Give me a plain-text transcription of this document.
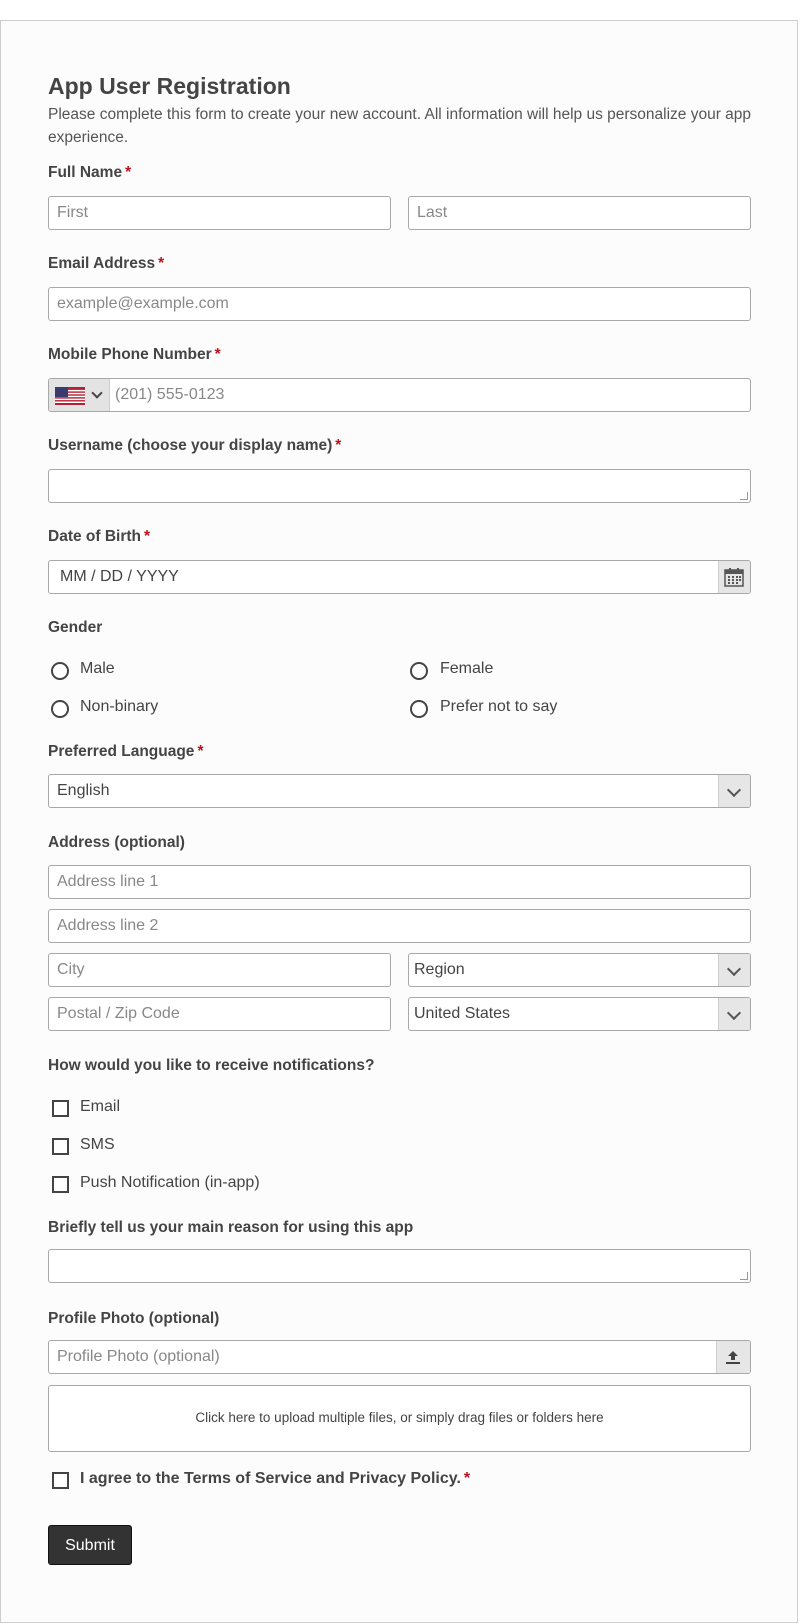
App User Registration
Please complete this form to create your new account. All information will help us personalize your app experience.
Full Name *
First	Last
Email Address *
example@example.com
Mobile Phone Number *
(201) 555-0123
Username (choose your display name) *
Date of Birth *
MM / DD / YYYY
Gender
Male	Female
Non-binary	Prefer not to say
Preferred Language *
English
Address (optional)
Address line 1
Address line 2
City	Region
Postal / Zip Code	United States
How would you like to receive notifications?
Email
SMS
Push Notification (in-app)
Briefly tell us your main reason for using this app
Profile Photo (optional)
Profile Photo (optional)
Click here to upload multiple files, or simply drag files or folders here
I agree to the Terms of Service and Privacy Policy. *
Submit
